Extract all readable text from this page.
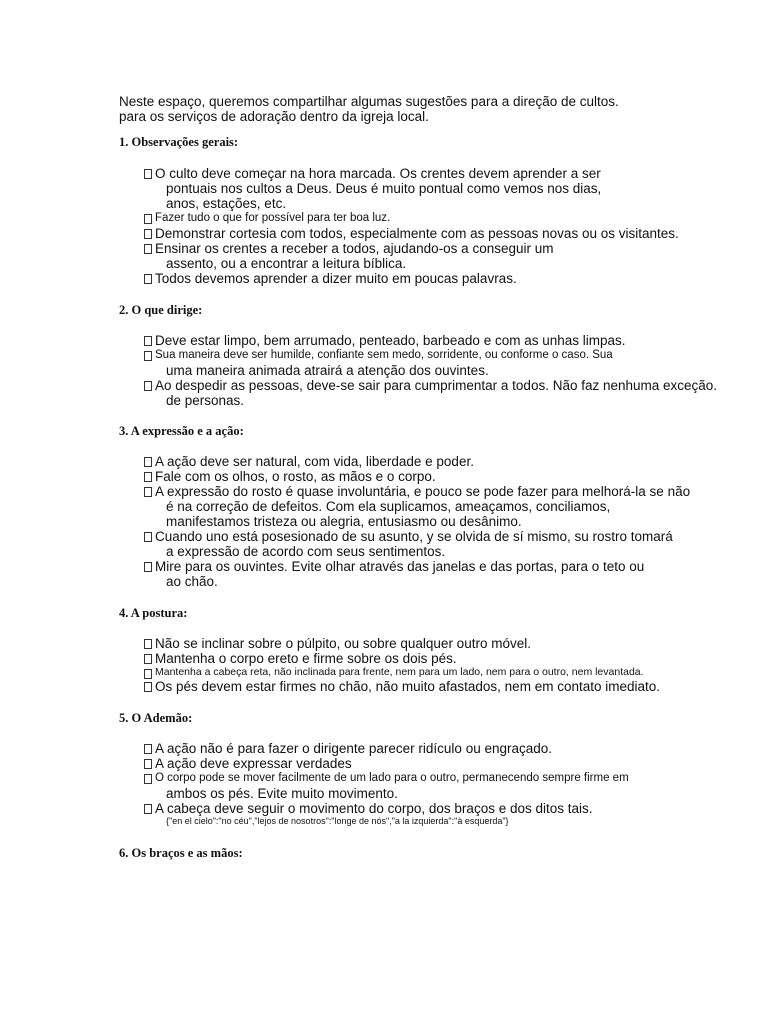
Neste espaço, queremos compartilhar algumas sugestões para a direção de cultos.

para os serviços de adoração dentro da igreja local.

1. Observações gerais:
O culto deve começar na hora marcada. Os crentes devem aprender a ser
pontuais nos cultos a Deus. Deus é muito pontual como vemos nos dias,
anos, estações, etc.
Fazer tudo o que for possível para ter boa luz.
Demonstrar cortesia com todos, especialmente com as pessoas novas ou os visitantes.
Ensinar os crentes a receber a todos, ajudando-os a conseguir um
assento, ou a encontrar a leitura bíblica.
Todos devemos aprender a dizer muito em poucas palavras.
2. O que dirige:
Deve estar limpo, bem arrumado, penteado, barbeado e com as unhas limpas.
Sua maneira deve ser humilde, confiante sem medo, sorridente, ou conforme o caso. Sua
uma maneira animada atrairá a atenção dos ouvintes.
Ao despedir as pessoas, deve-se sair para cumprimentar a todos. Não faz nenhuma exceção.
de personas.
3. A expressão e a ação:
A ação deve ser natural, com vida, liberdade e poder.
Fale com os olhos, o rosto, as mãos e o corpo.
A expressão do rosto é quase involuntária, e pouco se pode fazer para melhorá-la se não
é na correção de defeitos. Com ela suplicamos, ameaçamos, conciliamos,
manifestamos tristeza ou alegria, entusiasmo ou desânimo.
Cuando uno está posesionado de su asunto, y se olvida de sí mismo, su rostro tomará
a expressão de acordo com seus sentimentos.
Mire para os ouvintes. Evite olhar através das janelas e das portas, para o teto ou
ao chão.
4. A postura:
Não se inclinar sobre o púlpito, ou sobre qualquer outro móvel.
Mantenha o corpo ereto e firme sobre os dois pés.
Mantenha a cabeça reta, não inclinada para frente, nem para um lado, nem para o outro, nem levantada.
Os pés devem estar firmes no chão, não muito afastados, nem em contato imediato.
5. O Ademão:
A ação não é para fazer o dirigente parecer ridículo ou engraçado.
A ação deve expressar verdades
O corpo pode se mover facilmente de um lado para o outro, permanecendo sempre firme em
ambos os pés. Evite muito movimento.
A cabeça deve seguir o movimento do corpo, dos braços e dos ditos tais.
{"en el cielo":"no céu","lejos de nosotros":"longe de nós","a la izquierda":"à esquerda"}
6. Os braços e as mãos:
